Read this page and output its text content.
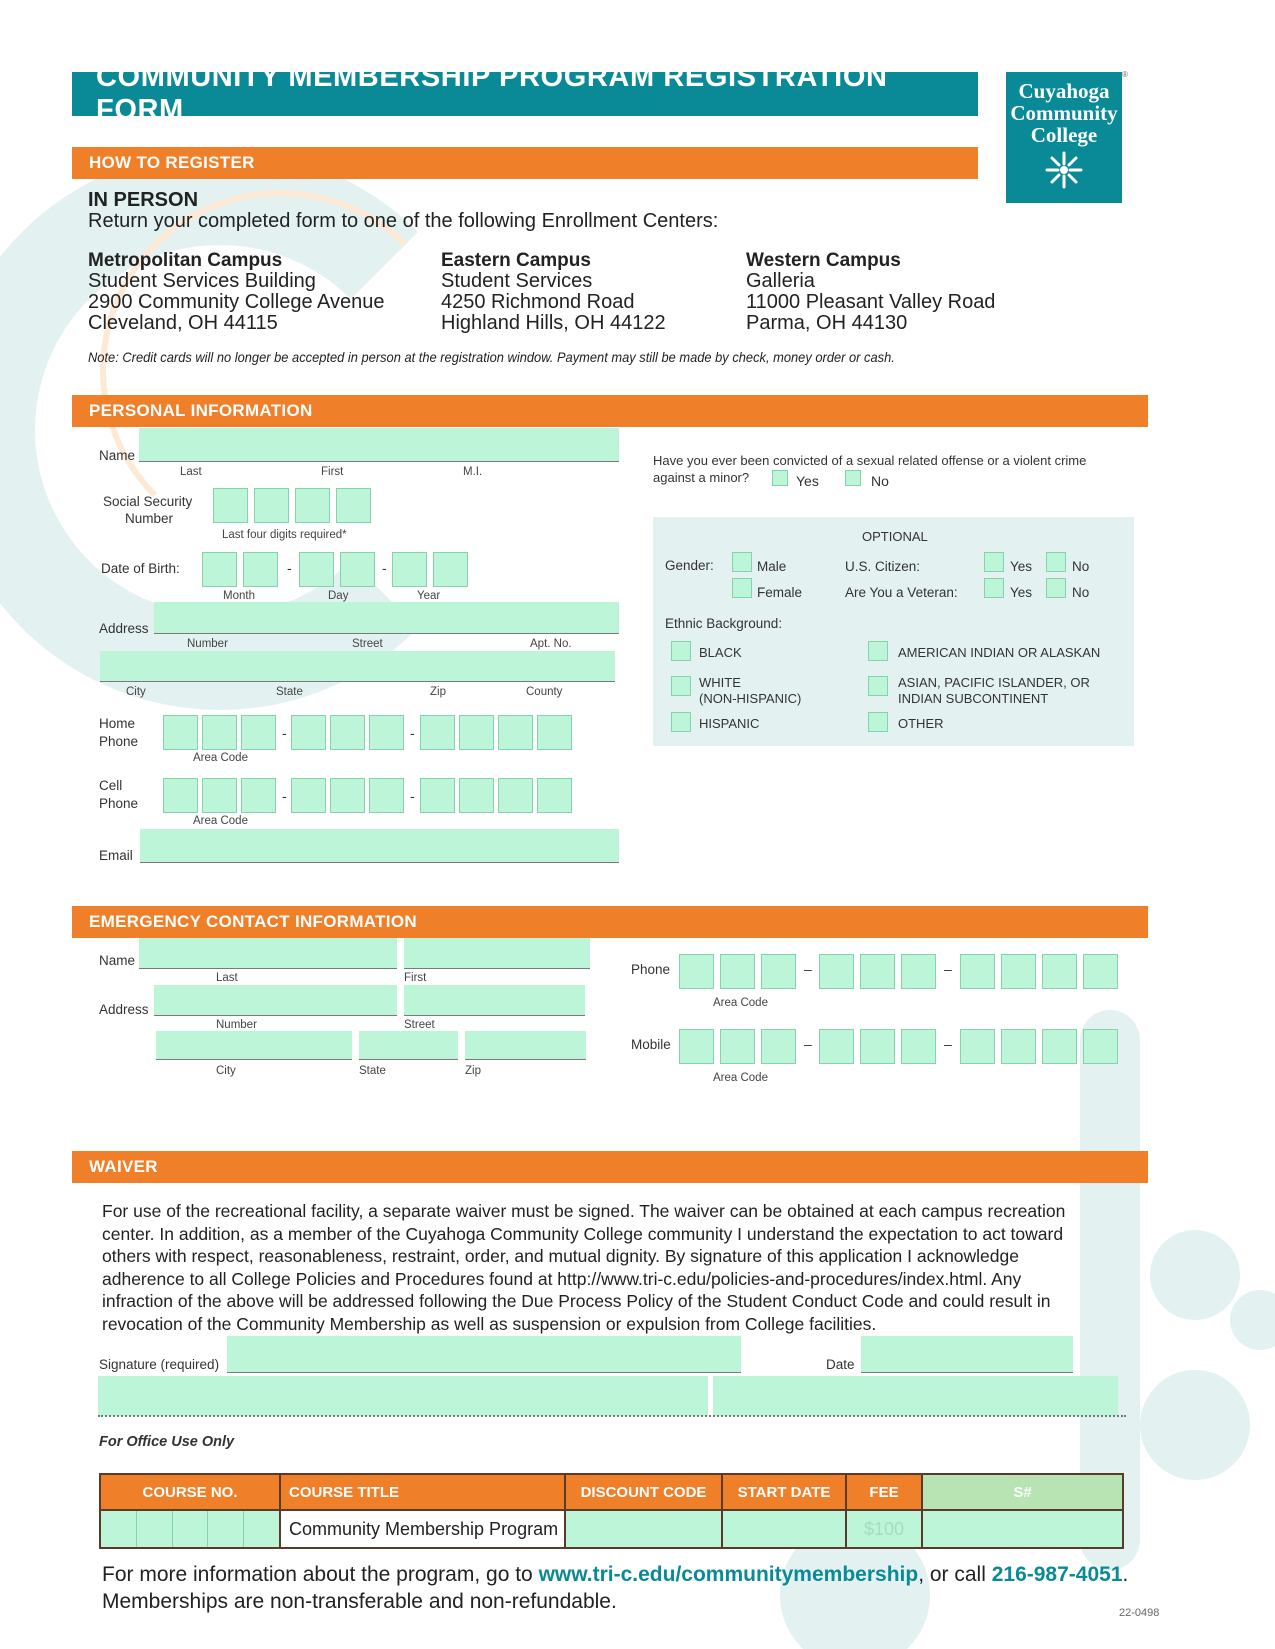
COMMUNITY MEMBERSHIP PROGRAM REGISTRATION FORM
Cuyahoga
Community
College
®
HOW TO REGISTER
IN PERSON
Return your completed form to one of the following Enrollment Centers:
Metropolitan Campus
Student Services Building
2900 Community College Avenue
Cleveland, OH 44115
Eastern Campus
Student Services
4250 Richmond Road
Highland Hills, OH 44122
Western Campus
Galleria
11000 Pleasant Valley Road
Parma, OH 44130
Note: Credit cards will no longer be accepted in person at the registration window. Payment may still be made by check, money order or cash.
PERSONAL INFORMATION
Name
Last	First	M.I.
Social Security
Number
Last four digits required*
Date of Birth:	-	-
Month	Day	Year
Address
Number	Street	Apt. No.
City	State	Zip	County
Home
Phone
-	-
Area Code
Cell
Phone	-	-
Area Code
Email
Have you ever been convicted of a sexual related offense or a violent crime
against a minor?	Yes	No
OPTIONAL
Gender:	Male
Female
U.S. Citizen:	Yes	No
Are You a Veteran:	Yes	No
Ethnic Background:
BLACK
WHITE
(NON-HISPANIC)
HISPANIC
AMERICAN INDIAN OR ALASKAN
ASIAN, PACIFIC ISLANDER, OR
INDIAN SUBCONTINENT
OTHER
EMERGENCY CONTACT INFORMATION
Name
Last	First
Address
Number	Street
City	State	Zip
Phone	–	–
Area Code
Mobile	–	–
Area Code
WAIVER
For use of the recreational facility, a separate waiver must be signed. The waiver can be obtained at each campus recreation
center. In addition, as a member of the Cuyahoga Community College community I understand the expectation to act toward
others with respect, reasonableness, restraint, order, and mutual dignity. By signature of this application I acknowledge
adherence to all College Policies and Procedures found at http://www.tri-c.edu/policies-and-procedures/index.html. Any
infraction of the above will be addressed following the Due Process Policy of the Student Conduct Code and could result in
revocation of the Community Membership as well as suspension or expulsion from College facilities.
Signature (required)	Date
For Office Use Only
COURSE NO.	COURSE TITLE	DISCOUNT CODE	START DATE	FEE	S#

	Community Membership Program			$100	
For more information about the program, go to www.tri-c.edu/communitymembership, or call 216-987-4051.
Memberships are non-transferable and non-refundable.	22-0498
